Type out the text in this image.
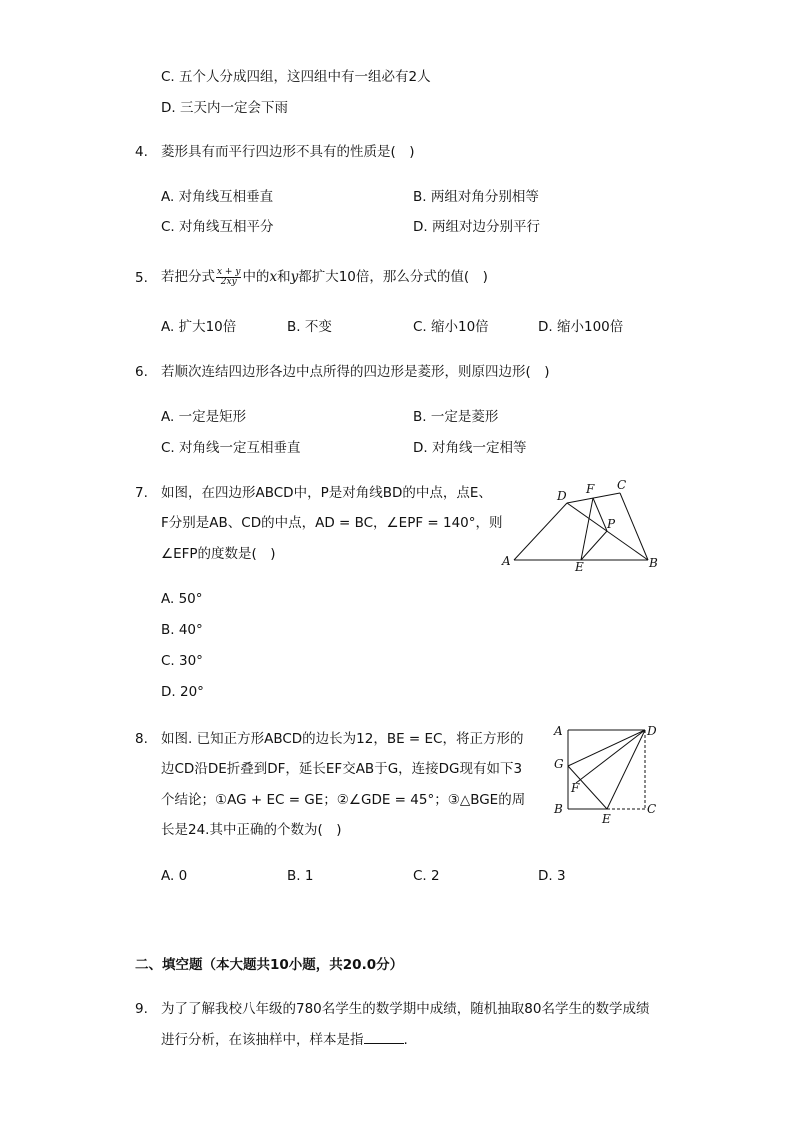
C. 五个人分成四组，这四组中有一组必有2人
D. 三天内一定会下雨
4. 菱形具有而平行四边形不具有的性质是(　)
A. 对角线互相垂直	B. 两组对角分别相等
C. 对角线互相平分	D. 两组对边分别平行
5. 若把分式 $\frac{x + y}{2xy}$ 中的x和y都扩大10倍，那么分式的值(　)
A. 扩大10倍	B. 不变	C. 缩小10倍	D. 缩小100倍
6. 若顺次连结四边形各边中点所得的四边形是菱形，则原四边形(　)
A. 一定是矩形	B. 一定是菱形
C. 对角线一定互相垂直	D. 对角线一定相等
7. 如图，在四边形ABCD中，P是对角线BD的中点，点E、
F分别是AB、CD的中点，AD = BC，∠EPF = 140°，则
∠EFP的度数是(　)
A. 50°
B. 40°
C. 30°
D. 20°
A
D F C
P
E	B
8. 如图. 已知正方形ABCD的边长为12，BE = EC，将正方形的
边CD沿DE折叠到DF，延长EF交AB于G，连接DG现有如下3
个结论；①AG + EC = GE；②∠GDE = 45°；③△BGE的周
长是24.其中正确的个数为(　)
A. 0	B. 1	C. 2	D. 3
A	D
G
F
B
E
C
二、填空题（本大题共10小题，共20.0分）
9. 为了了解我校八年级的780名学生的数学期中成绩，随机抽取80名学生的数学成绩
进行分析，在该抽样中，样本是指	.
